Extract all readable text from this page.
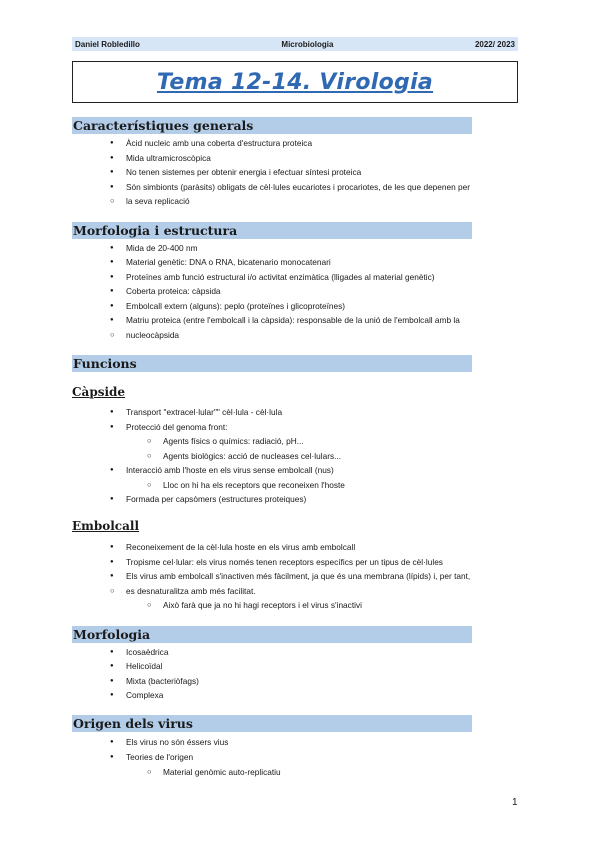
Daniel Robledillo	Microbiologia	2022/ 2023
Tema 12-14. Virologia
Característiques generals
● Àcid nucleic amb una coberta d'estructura proteica
● Mida ultramicroscòpica
● No tenen sistemes per obtenir energia i efectuar síntesi proteica
● Són simbionts (paràsits) obligats de cèl·lules eucariotes i procariotes, de les que depenen per
○ la seva replicació
Morfologia i estructura
● Mida de 20-400 nm
● Material genètic: DNA o RNA, bicatenario monocatenari
● Proteïnes amb funció estructural i/o activitat enzimàtica (lligades al material genètic)
● Coberta proteica: càpsida
● Embolcall extern (alguns): peplo (proteïnes i glicoproteïnes)
● Matriu proteica (entre l'embolcall i la càpsida): responsable de la unió de l'embolcall amb la
○ nucleocàpsida
Funcions
Càpside
● Transport "extracel·lular"" cèl·lula - cèl·lula
● Protecció del genoma front:
○ Agents físics o químics: radiació, pH...
○ Agents biològics: acció de nucleases cel·lulars...
● Interacció amb l'hoste en els virus sense embolcall (nus)
○ Lloc on hi ha els receptors que reconeixen l'hoste
● Formada per capsòmers (estructures proteiques)
Embolcall
● Reconeixement de la cèl·lula hoste en els virus amb embolcall
● Tropisme cel·lular: els virus només tenen receptors específics per un tipus de cèl·lules
● Els virus amb embolcall s'inactiven més fàcilment, ja que és una membrana (lípids) i, per tant,
○ es desnaturalitza amb més facilitat.
○ Això farà que ja no hi hagi receptors i el virus s'inactivi
Morfologia
● Icosaèdrica
● Helicoïdal
● Mixta (bacteriòfags)
● Complexa
Origen dels virus
● Els virus no són éssers vius
● Teories de l'origen
○ Material genòmic auto-replicatiu
1
